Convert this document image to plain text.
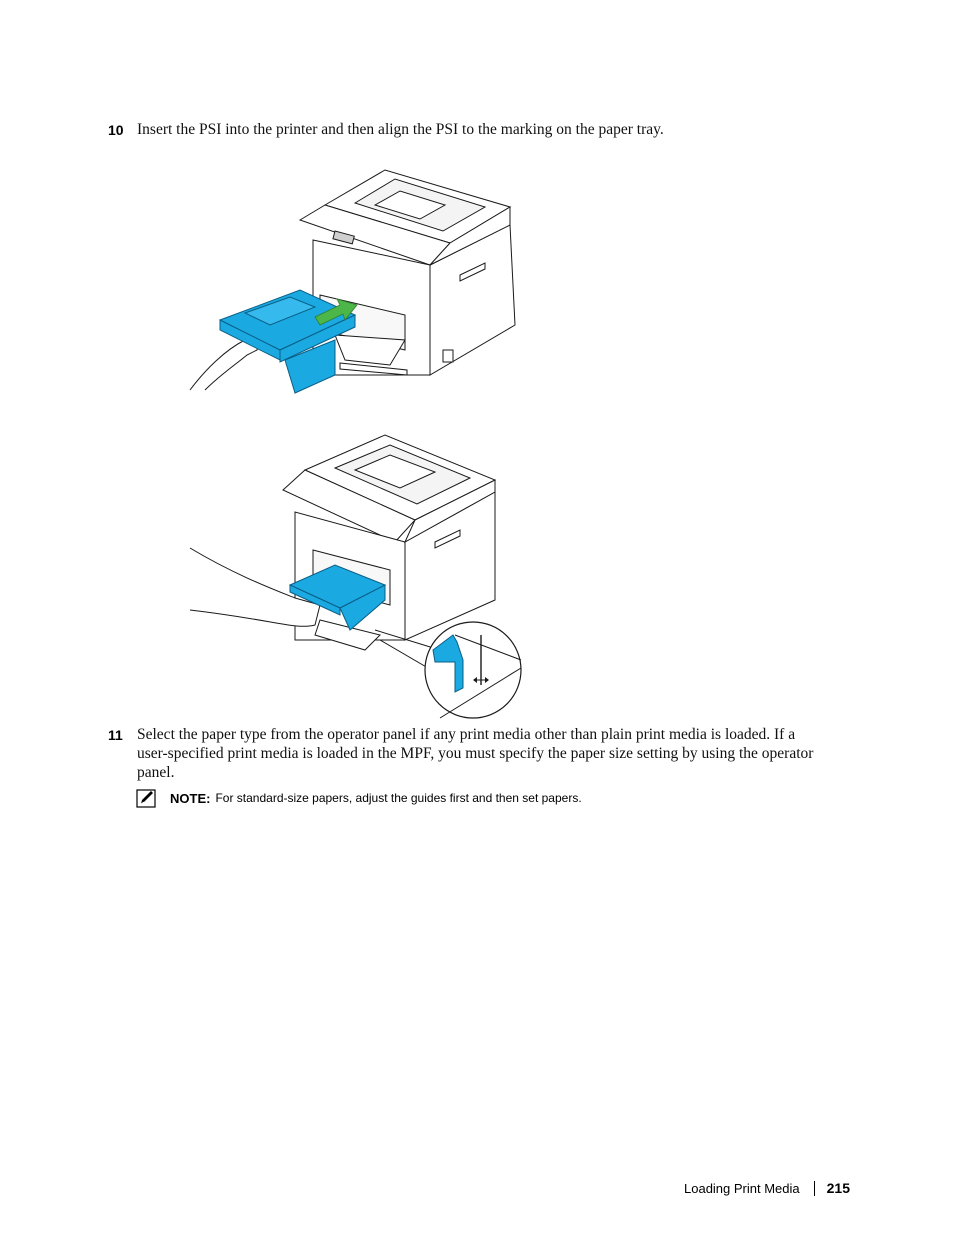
10 Insert the PSI into the printer and then align the PSI to the marking on the paper tray.
11 Select the paper type from the operator panel if any print media other than plain print media is loaded. If a
user-specified print media is loaded in the MPF, you must specify the paper size setting by using the operator
panel.
NOTE: For standard-size papers, adjust the guides first and then set papers.
Loading Print Media 215
